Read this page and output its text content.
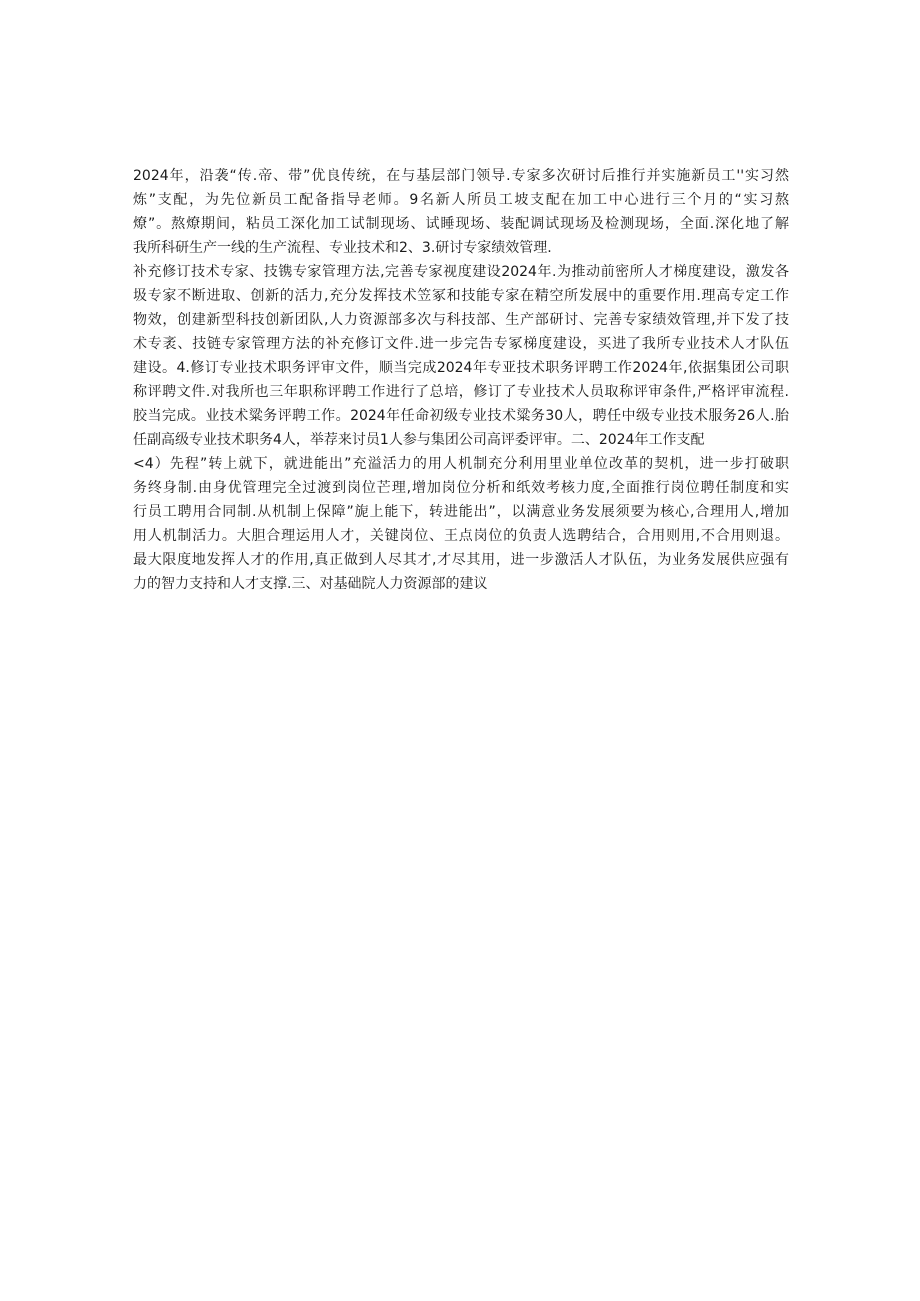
2024年，沿袭“传.帝、带”优良传统，在与基层部门领导.专家多次研讨后推行并实施新员工''实习然
炼”支配，为先位新员工配备指导老师。9名新人所员工坡支配在加工中心进行三个月的“实习熬
燎”。熬燎期间，粘员工深化加工试制现场、试睡现场、装配调试现场及检测现场，全面.深化地了解
我所科研生产一线的生产流程、专业技术和2、3.研讨专家绩效管理.
补充修订技术专家、技镌专家管理方法,完善专家视度建设2024年.为推动前密所人才梯度建设，激发各
圾专家不断进取、创新的活力,充分发挥技术笠冢和技能专家在精空所发展中的重要作用.理高专定工作
物效，创建新型科技创新团队,人力资源部多次与科技部、生产部研讨、完善专家绩效管理,并下发了技
术专袤、技链专家管理方法的补充修订文件.进一步完告专冢梯度建设，买进了我所专业技术人才队伍
建设。4.修订专业技术职务评审文件，顺当完成2024年专亚技术职务评聘工作2024年,依据集团公司职
称评聘文件.对我所也三年职称评聘工作进行了总培，修订了专业技术人员取称评审条件,严格评审流程.
胶当完成。业技术粱务评聘工作。2024年任命初级专业技术粱务30人，聘任中级专业技术服务26人.胎
任副高级专业技术职务4人，举荐来讨员1人参与集团公司高评委评审。二、2024年工作支配
<4）先程”转上就下，就进能出”充溢活力的用人机制充分利用里业单位改革的契机，进一步打破职
务终身制.由身优管理完全过渡到岗位芒理,增加岗位分析和纸效考核力度,全面推行岗位聘任制度和实
行员工聘用合同制.从机制上保障”旎上能下，转进能出”，以满意业务发展须要为核心,合理用人,增加
用人机制活力。大胆合理运用人才，关键岗位、王点岗位的负责人选聘结合，合用则用,不合用则退。
最大限度地发挥人才的作用,真正做到人尽其才,才尽其用，进一步激活人才队伍，为业务发展供应强有
力的智力支持和人才支撑.三、对基础院人力资源部的建议
